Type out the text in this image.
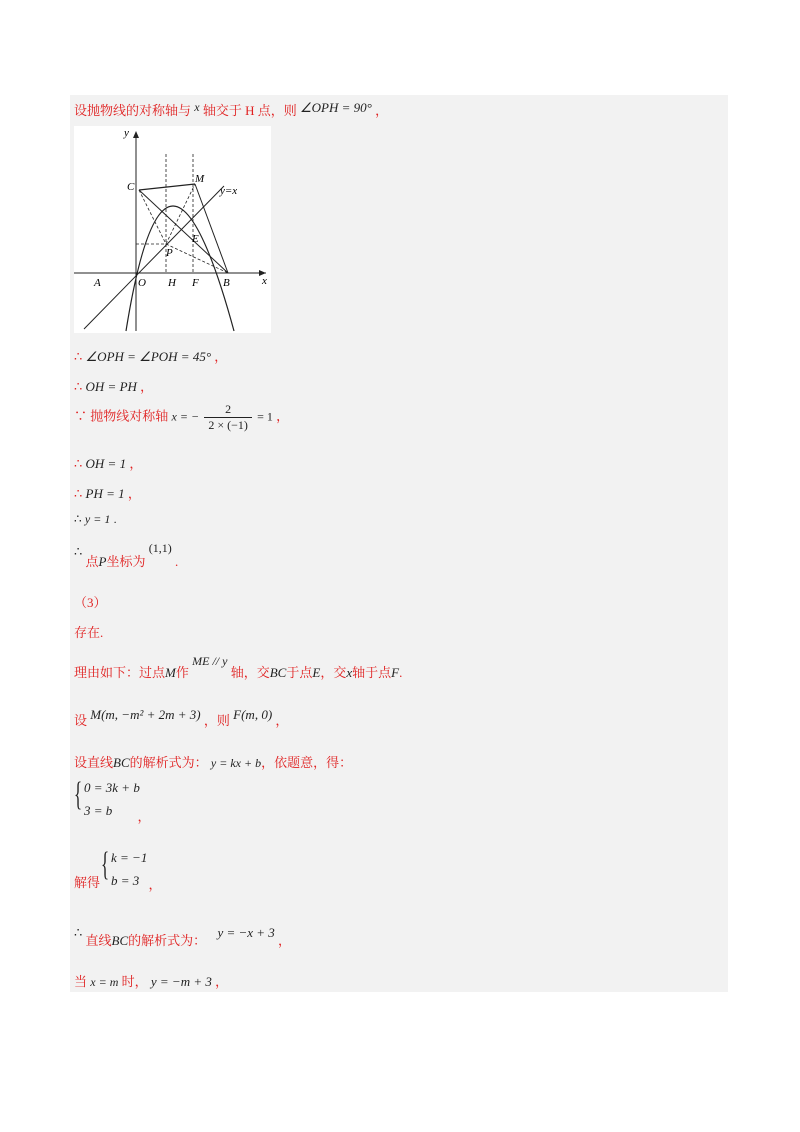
设抛物线的对称轴与 x 轴交于 H 点，则 ∠OPH = 90° ，
y
x
C
M
y=x
E
P
A	O H F B
∴ ∠OPH = ∠POH = 45° ，
∴ OH = PH ，
∵ 抛物线对称轴 x = − $\frac{2}{2 \times (-1)} = 1$ ，
∴ OH = 1 ，
∴ PH = 1 ，
∴ y = 1 .
∴ 点P坐标为 (1,1) .
（3）
存在.
理由如下：过点M作 ME // y 轴，交BC于点E，交x轴于点F.
设 M(m, −m² + 2m + 3) ，则 F(m, 0) ，
设直线BC的解析式为： y = kx + b，依题意，得：
{ 0 = 3k + b
3 = b ，
解得 { k = −1
b = 3 ，
∴ 直线BC的解析式为： y = −x + 3 ，
当 x = m 时， y = −m + 3 ，
